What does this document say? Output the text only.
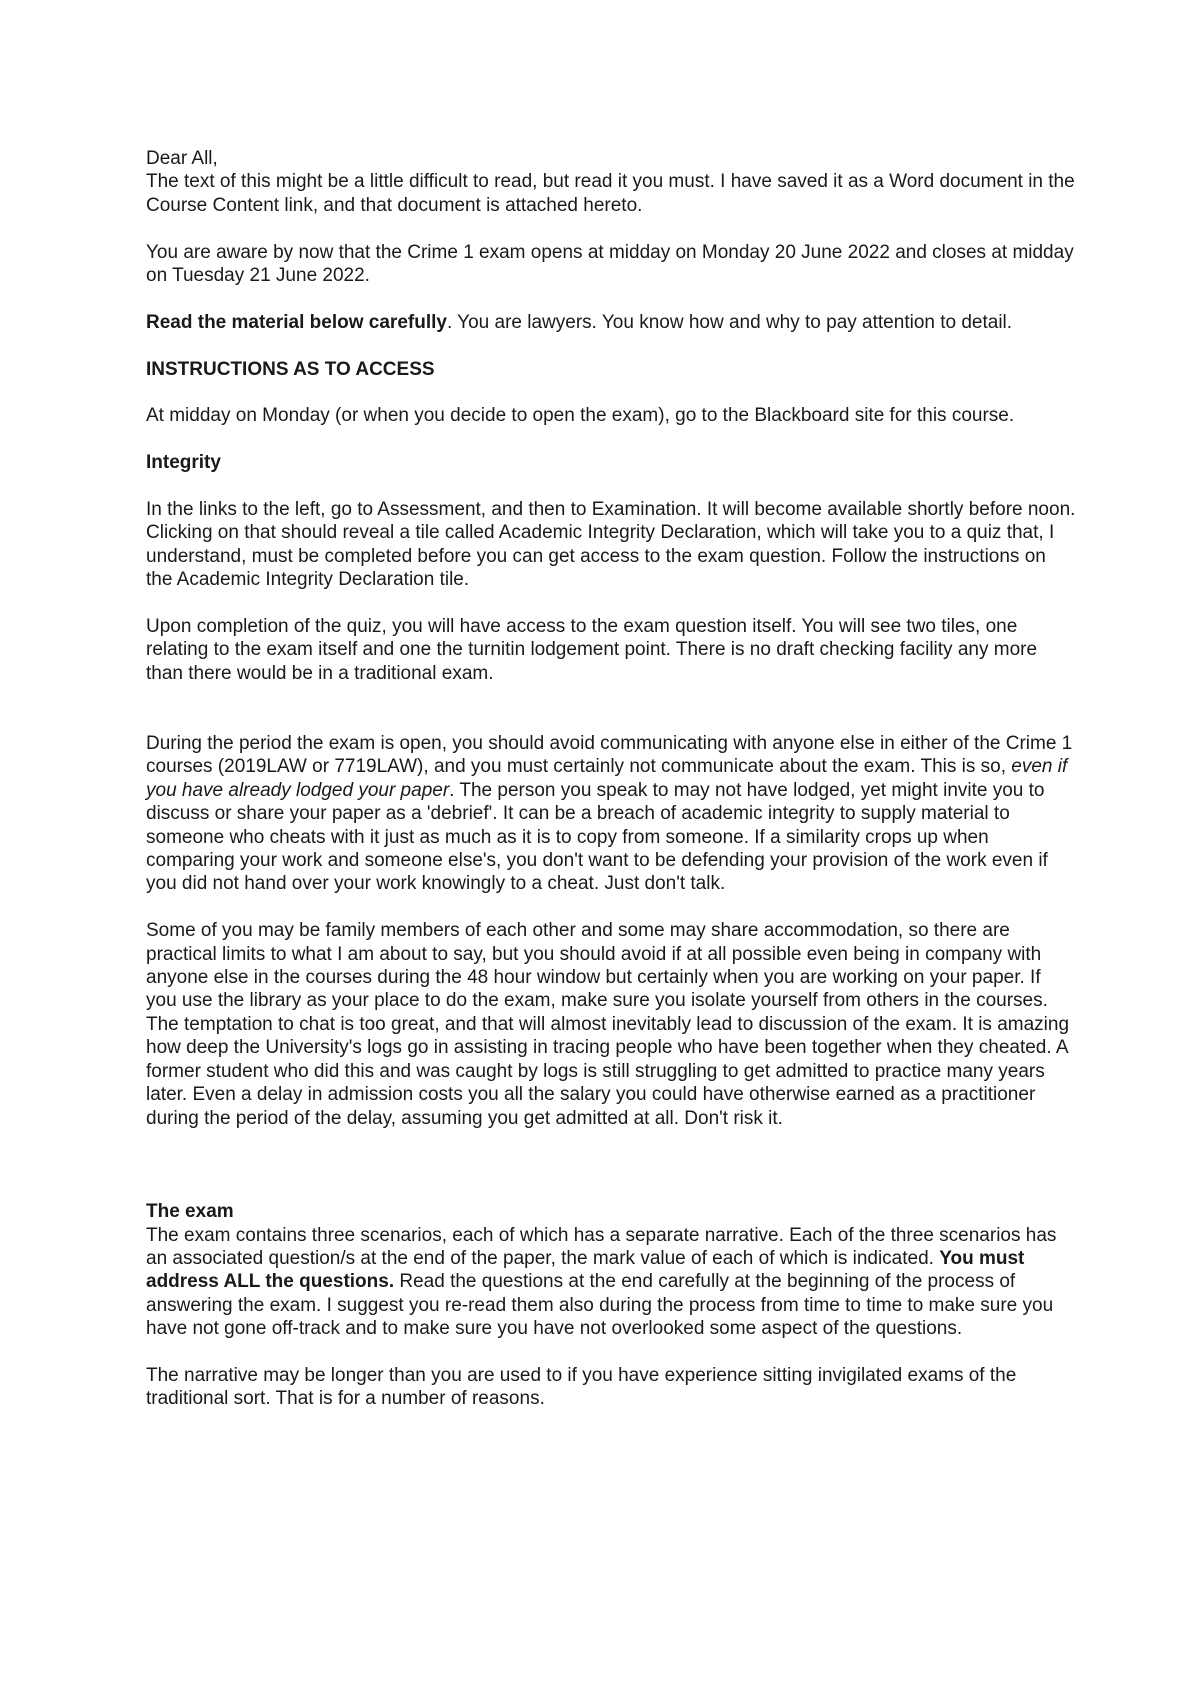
Dear All,

The text of this might be a little difficult to read, but read it you must. I have saved it as a Word document in the Course Content link, and that document is attached hereto.

You are aware by now that the Crime 1 exam opens at midday on Monday 20 June 2022 and closes at midday on Tuesday 21 June 2022.

Read the material below carefully. You are lawyers. You know how and why to pay attention to detail.

INSTRUCTIONS AS TO ACCESS

At midday on Monday (or when you decide to open the exam), go to the Blackboard site for this course.

Integrity

In the links to the left, go to Assessment, and then to Examination. It will become available shortly before noon. Clicking on that should reveal a tile called Academic Integrity Declaration, which will take you to a quiz that, I understand, must be completed before you can get access to the exam question. Follow the instructions on the Academic Integrity Declaration tile.

Upon completion of the quiz, you will have access to the exam question itself. You will see two tiles, one relating to the exam itself and one the turnitin lodgement point. There is no draft checking facility any more than there would be in a traditional exam.

During the period the exam is open, you should avoid communicating with anyone else in either of the Crime 1 courses (2019LAW or 7719LAW), and you must certainly not communicate about the exam. This is so, even if you have already lodged your paper. The person you speak to may not have lodged, yet might invite you to discuss or share your paper as a 'debrief'. It can be a breach of academic integrity to supply material to someone who cheats with it just as much as it is to copy from someone. If a similarity crops up when comparing your work and someone else's, you don't want to be defending your provision of the work even if you did not hand over your work knowingly to a cheat. Just don't talk.

Some of you may be family members of each other and some may share accommodation, so there are practical limits to what I am about to say, but you should avoid if at all possible even being in company with anyone else in the courses during the 48 hour window but certainly when you are working on your paper. If you use the library as your place to do the exam, make sure you isolate yourself from others in the courses. The temptation to chat is too great, and that will almost inevitably lead to discussion of the exam. It is amazing how deep the University's logs go in assisting in tracing people who have been together when they cheated. A former student who did this and was caught by logs is still struggling to get admitted to practice many years later. Even a delay in admission costs you all the salary you could have otherwise earned as a practitioner during the period of the delay, assuming you get admitted at all. Don't risk it.

The exam

The exam contains three scenarios, each of which has a separate narrative. Each of the three scenarios has an associated question/s at the end of the paper, the mark value of each of which is indicated. You must address ALL the questions. Read the questions at the end carefully at the beginning of the process of answering the exam. I suggest you re-read them also during the process from time to time to make sure you have not gone off-track and to make sure you have not overlooked some aspect of the questions.

The narrative may be longer than you are used to if you have experience sitting invigilated exams of the traditional sort. That is for a number of reasons.
